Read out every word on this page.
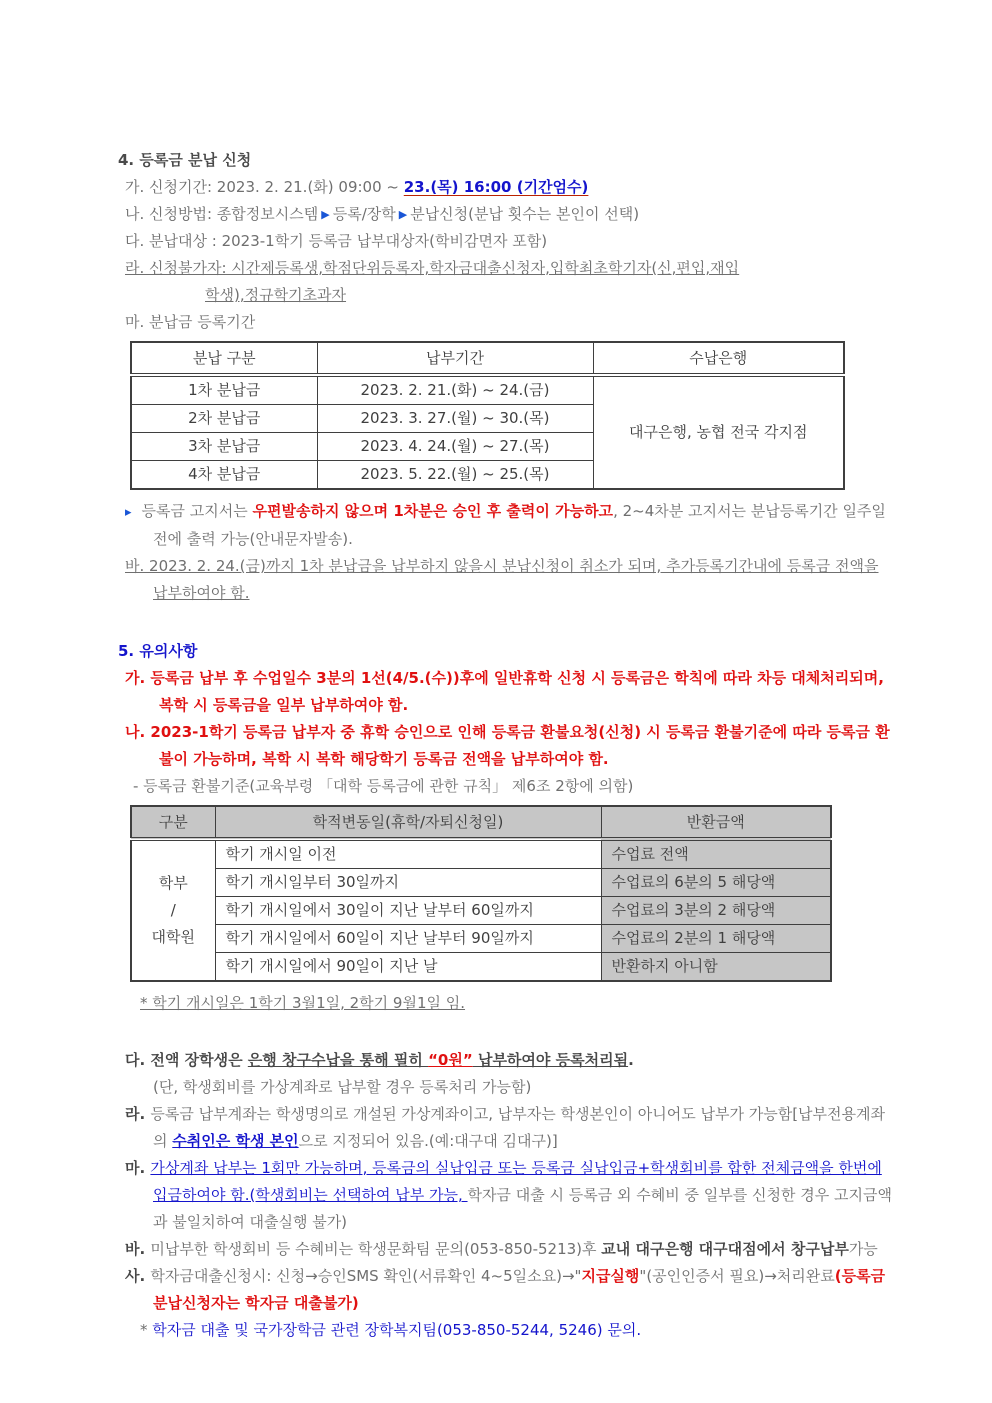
4. 등록금 분납 신청

가. 신청기간: 2023. 2. 21.(화) 09:00 ~ 23.(목) 16:00 (기간엄수)

나. 신청방법: 종합정보시스템 ▶ 등록/장학 ▶ 분납신청(분납 횟수는 본인이 선택)

다. 분납대상 : 2023-1학기 등록금 납부대상자(학비감면자 포함)

라. 신청불가자: 시간제등록생,학점단위등록자,학자금대출신청자,입학최초학기자(신,편입,재입
학생),정규학기초과자

마. 분납금 등록기간

분납 구분	납부기간	수납은행
1차 분납금	2023. 2. 21.(화) ~ 24.(금)	대구은행, 농협 전국 각지점
2차 분납금	2023. 3. 27.(월) ~ 30.(목)	
3차 분납금	2023. 4. 24.(월) ~ 27.(목)	
4차 분납금	2023. 5. 22.(월) ~ 25.(목)	

▸ 등록금 고지서는 우편발송하지 않으며 1차분은 승인 후 출력이 가능하고, 2~4차분 고지서는 분납등록기간 일주일 전에 출력 가능(안내문자발송).

바. 2023. 2. 24.(금)까지 1차 분납금을 납부하지 않을시 분납신청이 취소가 되며, 추가등록기간내에 등록금 전액을 납부하여야 함.

5. 유의사항

가. 등록금 납부 후 수업일수 3분의 1선(4/5.(수))후에 일반휴학 신청 시 등록금은 학칙에 따라 차등 대체처리되며, 복학 시 등록금을 일부 납부하여야 함.

나. 2023-1학기 등록금 납부자 중 휴학 승인으로 인해 등록금 환불요청(신청) 시 등록금 환불기준에 따라 등록금 환불이 가능하며, 복학 시 복학 해당학기 등록금 전액을 납부하여야 함.

- 등록금 환불기준(교육부령 「대학 등록금에 관한 규칙」 제6조 2항에 의함)

구분	학적변동일(휴학/자퇴신청일)	반환금액
학부
/
대학원	학기 개시일 이전	수업료 전액
	학기 개시일부터 30일까지	수업료의 6분의 5 해당액
	학기 개시일에서 30일이 지난 날부터 60일까지	수업료의 3분의 2 해당액
	학기 개시일에서 60일이 지난 날부터 90일까지	수업료의 2분의 1 해당액
	학기 개시일에서 90일이 지난 날	반환하지 아니함

* 학기 개시일은 1학기 3월1일, 2학기 9월1일 임.

다. 전액 장학생은 은행 창구수납을 통해 필히 “0원” 납부하여야 등록처리됨.

(단, 학생회비를 가상계좌로 납부할 경우 등록처리 가능함)

라. 등록금 납부계좌는 학생명의로 개설된 가상계좌이고, 납부자는 학생본인이 아니어도 납부가 가능함[납부전용계좌의 수취인은 학생 본인으로 지정되어 있음.(예:대구대 김대구)]

마. 가상계좌 납부는 1회만 가능하며, 등록금의 실납입금 또는 등록금 실납입금+학생회비를 합한 전체금액을 한번에 입금하여야 함.(학생회비는 선택하여 납부 가능, 학자금 대출 시 등록금 외 수혜비 중 일부를 신청한 경우 고지금액과 불일치하여 대출실행 불가)

바. 미납부한 학생회비 등 수혜비는 학생문화팀 문의(053-850-5213)후 교내 대구은행 대구대점에서 창구납부가능

사. 학자금대출신청시: 신청→승인SMS 확인(서류확인 4~5일소요)→"지급실행"(공인인증서 필요)→처리완료(등록금 분납신청자는 학자금 대출불가)

* 학자금 대출 및 국가장학금 관련 장학복지팀(053-850-5244, 5246) 문의.
